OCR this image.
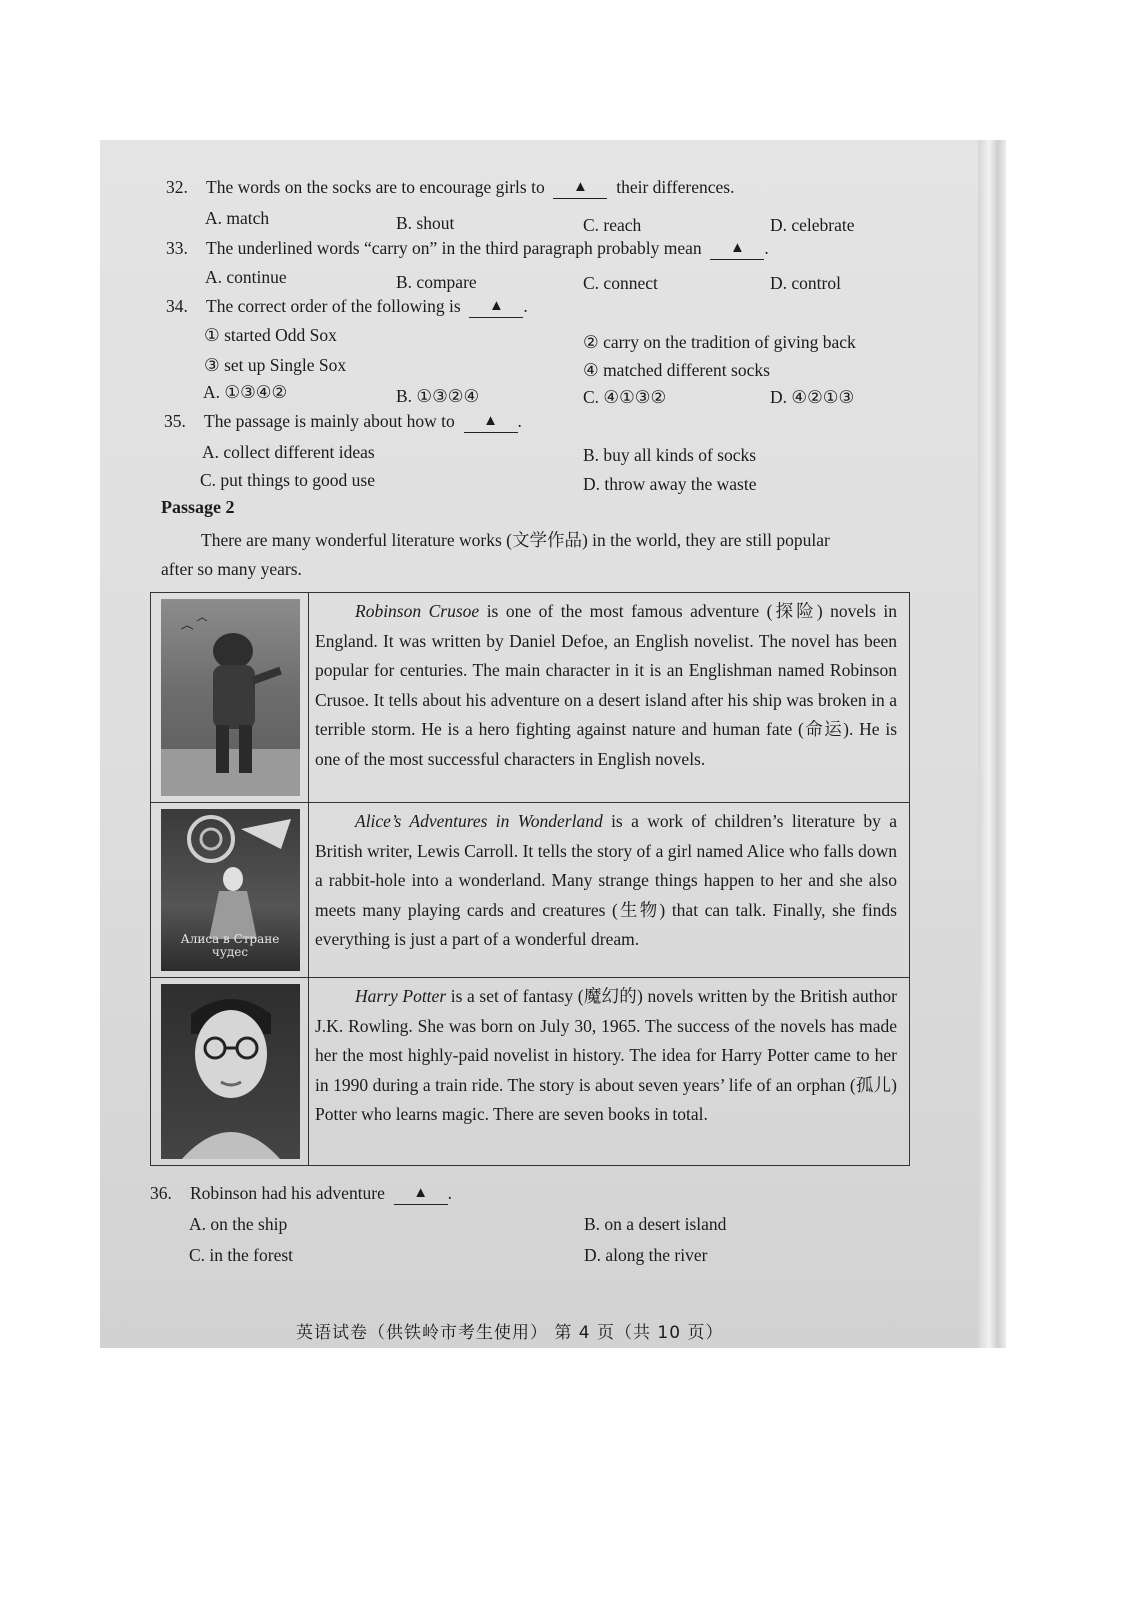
32. The words on the socks are to encourage girls to ▲ their differences.
A. match	B. shout	C. reach	D. celebrate
33. The underlined words “carry on” in the third paragraph probably mean ▲ .
A. continue	B. compare	C. connect	D. control
34. The correct order of the following is ▲ .
① started Odd Sox	② carry on the tradition of giving back
③ set up Single Sox	④ matched different socks
A. ①③④②	B. ①③②④	C. ④①③②	D. ④②①③
35. The passage is mainly about how to ▲ .
A. collect different ideas	B. buy all kinds of socks
C. put things to good use	D. throw away the waste
Passage 2
There are many wonderful literature works (文学作品) in the world, they are still popular
after so many years.

Robinson Crusoe is one of the most famous adventure (探险) novels in England. It was written by Daniel Defoe, an English novelist. The novel has been popular for centuries. The main character in it is an Englishman named Robinson Crusoe. It tells about his adventure on a desert island after his ship was broken in a terrible storm. He is a hero fighting against nature and human fate (命运). He is one of the most successful characters in English novels.

Алиса в Стране чудес

Alice’s Adventures in Wonderland is a work of children’s literature by a British writer, Lewis Carroll. It tells the story of a girl named Alice who falls down a rabbit-hole into a wonderland. Many strange things happen to her and she also meets many playing cards and creatures (生物) that can talk. Finally, she finds everything is just a part of a wonderful dream.

Harry Potter is a set of fantasy (魔幻的) novels written by the British author J.K. Rowling. She was born on July 30, 1965. The success of the novels has made her the most highly-paid novelist in history. The idea for Harry Potter came to her in 1990 during a train ride. The story is about seven years’ life of an orphan (孤儿) Potter who learns magic. There are seven books in total.

36. Robinson had his adventure ▲ .
A. on the ship	B. on a desert island
C. in the forest	D. along the river
英语试卷（供铁岭市考生使用） 第 4 页（共 10 页）
